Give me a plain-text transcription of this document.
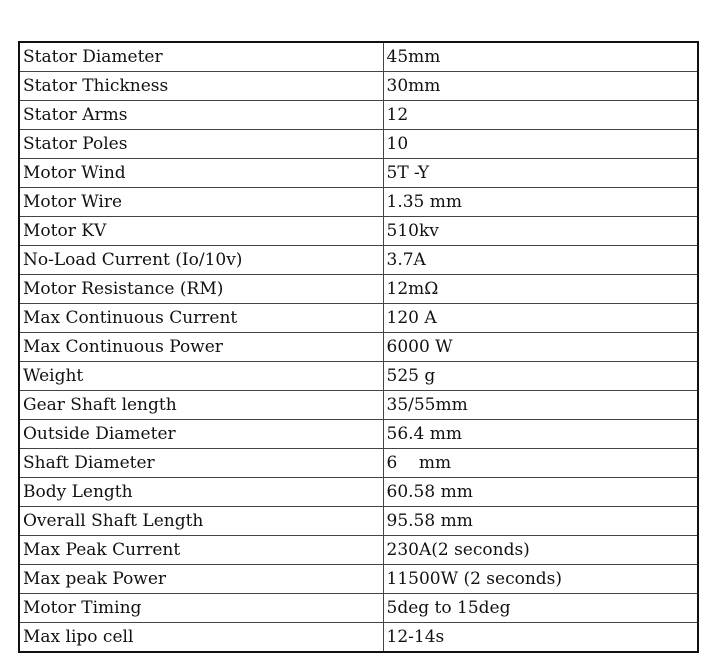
Stator Diameter	45mm
Stator Thickness	30mm
Stator Arms	12
Stator Poles	10
Motor Wind	5T -Y
Motor Wire	1.35 mm
Motor KV	510kv
No-Load Current (Io/10v)	3.7A
Motor Resistance (RM)	12mΩ
Max Continuous Current	120 A
Max Continuous Power	6000 W
Weight	525 g
Gear Shaft length	35/55mm
Outside Diameter	56.4 mm
Shaft Diameter	6    mm
Body Length	60.58 mm
Overall Shaft Length	95.58 mm
Max Peak Current	230A(2 seconds)
Max peak Power	11500W (2 seconds)
Motor Timing	5deg to 15deg
Max lipo cell	12-14s
